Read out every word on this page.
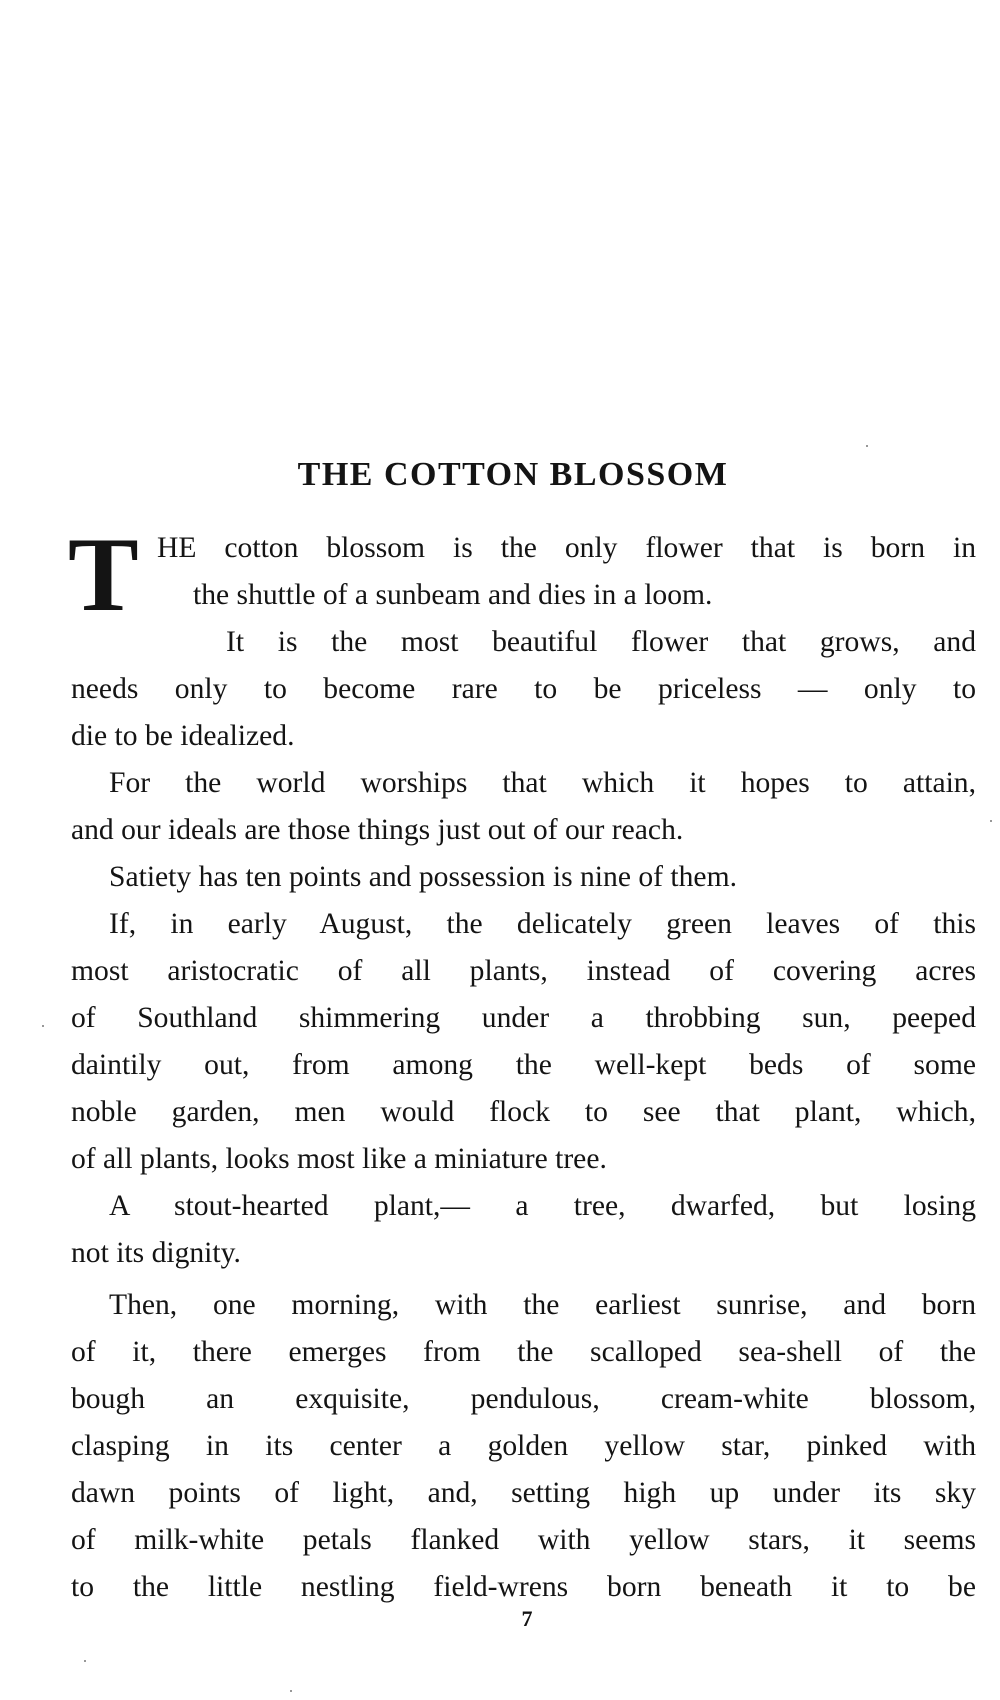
THE COTTON BLOSSOM
T HE cotton blossom is the only flower that is born in
the shuttle of a sunbeam and dies in a loom.
It is the most beautiful flower that grows, and
needs only to become rare to be priceless — only to
die to be idealized.
For the world worships that which it hopes to attain,
and our ideals are those things just out of our reach.
Satiety has ten points and possession is nine of them.
If, in early August, the delicately green leaves of this
most aristocratic of all plants, instead of covering acres
of Southland shimmering under a throbbing sun, peeped
daintily out, from among the well-kept beds of some
noble garden, men would flock to see that plant, which,
of all plants, looks most like a miniature tree.
A stout-hearted plant,— a tree, dwarfed, but losing
not its dignity.
Then, one morning, with the earliest sunrise, and born
of it, there emerges from the scalloped sea-shell of the
bough an exquisite, pendulous, cream-white blossom,
clasping in its center a golden yellow star, pinked with
dawn points of light, and, setting high up under its sky
of milk-white petals flanked with yellow stars, it seems
to the little nestling field-wrens born beneath it to be
7
